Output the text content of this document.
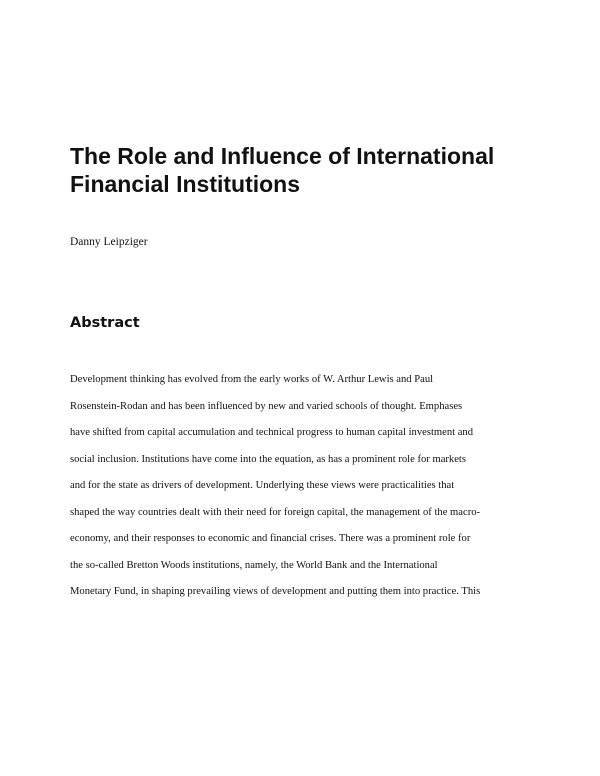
The Role and Influence of International
Financial Institutions

Danny Leipziger

Abstract
Development thinking has evolved from the early works of W. Arthur Lewis and Paul
Rosenstein-Rodan and has been influenced by new and varied schools of thought. Emphases
have shifted from capital accumulation and technical progress to human capital investment and
social inclusion. Institutions have come into the equation, as has a prominent role for markets
and for the state as drivers of development. Underlying these views were practicalities that
shaped the way countries dealt with their need for foreign capital, the management of the macro-
economy, and their responses to economic and financial crises. There was a prominent role for
the so-called Bretton Woods institutions, namely, the World Bank and the International
Monetary Fund, in shaping prevailing views of development and putting them into practice. This
